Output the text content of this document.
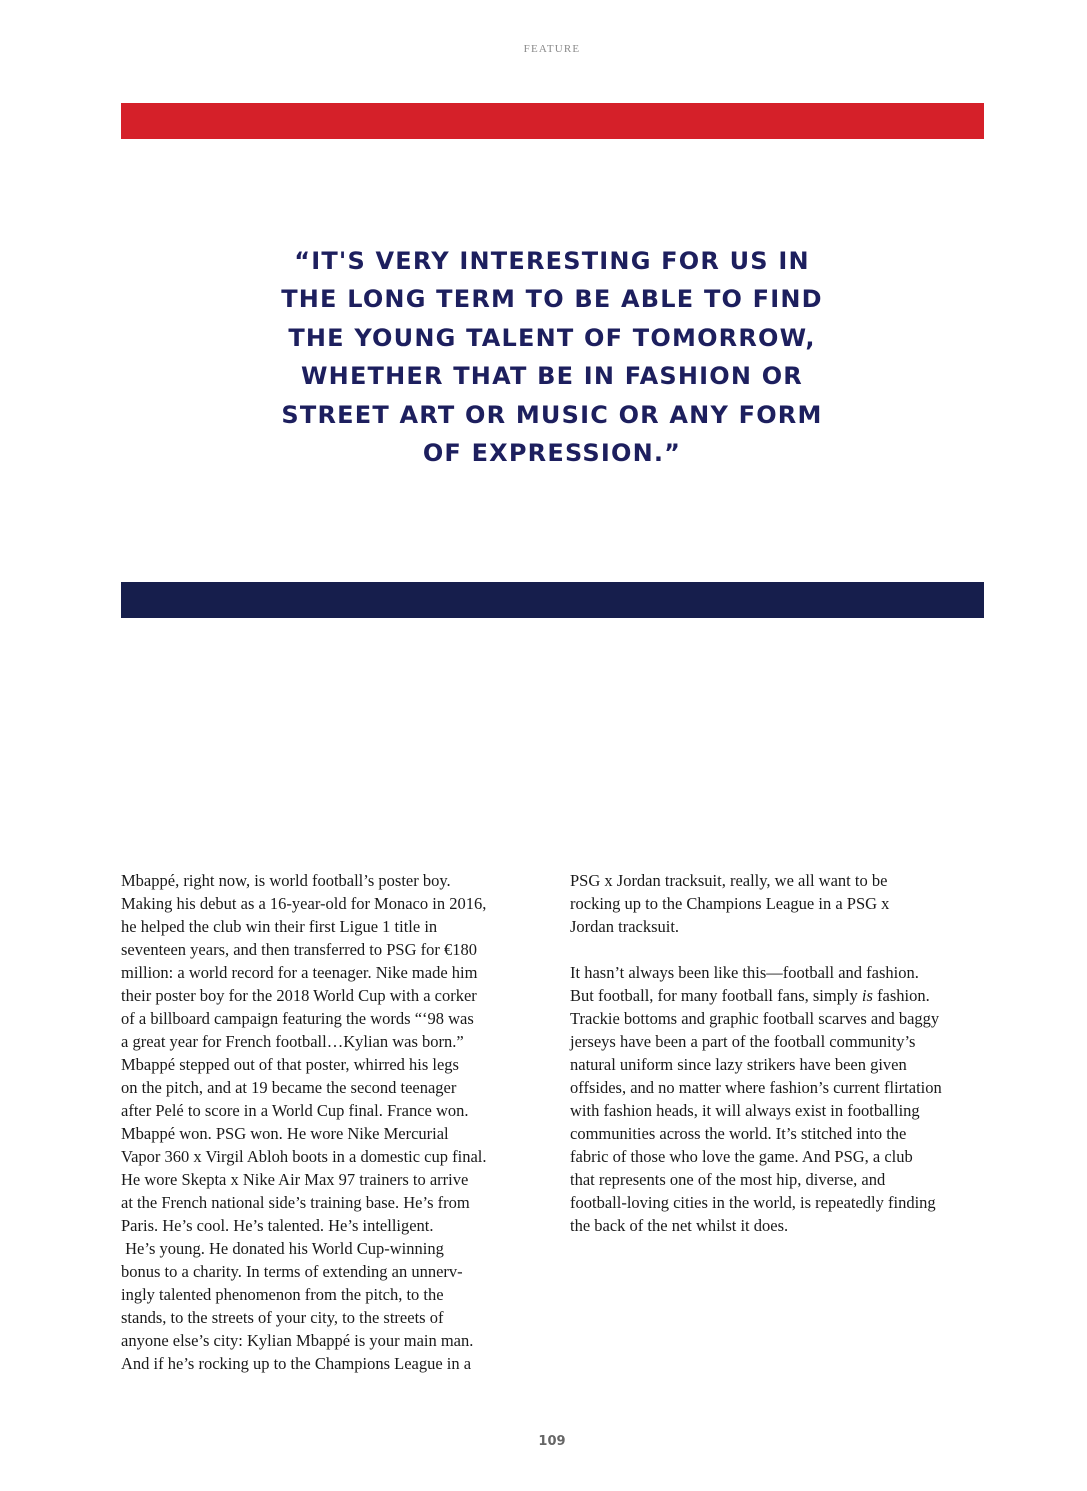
FEATURE
“IT'S VERY INTERESTING FOR US IN
THE LONG TERM TO BE ABLE TO FIND
THE YOUNG TALENT OF TOMORROW,
WHETHER THAT BE IN FASHION OR
STREET ART OR MUSIC OR ANY FORM
OF EXPRESSION.”
Mbappé, right now, is world football’s poster boy.
Making his debut as a 16-year-old for Monaco in 2016,
he helped the club win their first Ligue 1 title in
seventeen years, and then transferred to PSG for €180
million: a world record for a teenager. Nike made him
their poster boy for the 2018 World Cup with a corker
of a billboard campaign featuring the words “‘98 was
a great year for French football…Kylian was born.”
Mbappé stepped out of that poster, whirred his legs
on the pitch, and at 19 became the second teenager
after Pelé to score in a World Cup final. France won.
Mbappé won. PSG won. He wore Nike Mercurial
Vapor 360 x Virgil Abloh boots in a domestic cup final.
He wore Skepta x Nike Air Max 97 trainers to arrive
at the French national side’s training base. He’s from
Paris. He’s cool. He’s talented. He’s intelligent.
He’s young. He donated his World Cup-winning
bonus to a charity. In terms of extending an unnerv-
ingly talented phenomenon from the pitch, to the
stands, to the streets of your city, to the streets of
anyone else’s city: Kylian Mbappé is your main man.
And if he’s rocking up to the Champions League in a
PSG x Jordan tracksuit, really, we all want to be
rocking up to the Champions League in a PSG x
Jordan tracksuit.
It hasn’t always been like this—football and fashion.
But football, for many football fans, simply is fashion.
Trackie bottoms and graphic football scarves and baggy
jerseys have been a part of the football community’s
natural uniform since lazy strikers have been given
offsides, and no matter where fashion’s current flirtation
with fashion heads, it will always exist in footballing
communities across the world. It’s stitched into the
fabric of those who love the game. And PSG, a club
that represents one of the most hip, diverse, and
football-loving cities in the world, is repeatedly finding
the back of the net whilst it does.
109
